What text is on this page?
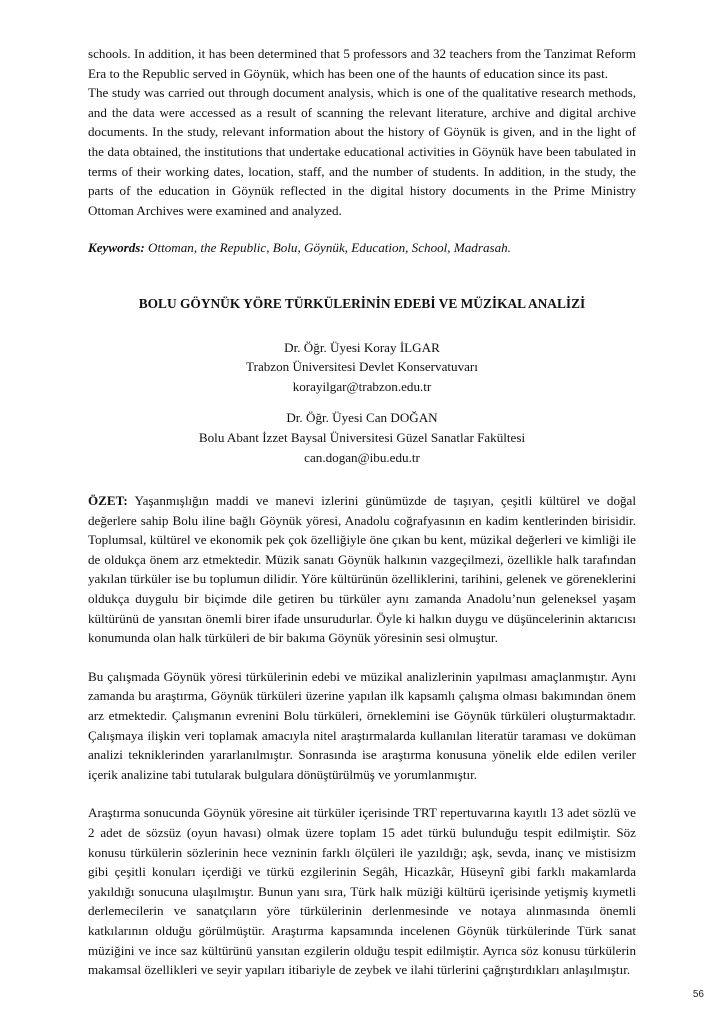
schools. In addition, it has been determined that 5 professors and 32 teachers from the Tanzimat Reform Era to the Republic served in Göynük, which has been one of the haunts of education since its past.

The study was carried out through document analysis, which is one of the qualitative research methods, and the data were accessed as a result of scanning the relevant literature, archive and digital archive documents. In the study, relevant information about the history of Göynük is given, and in the light of the data obtained, the institutions that undertake educational activities in Göynük have been tabulated in terms of their working dates, location, staff, and the number of students. In addition, in the study, the parts of the education in Göynük reflected in the digital history documents in the Prime Ministry Ottoman Archives were examined and analyzed.

Keywords: Ottoman, the Republic, Bolu, Göynük, Education, School, Madrasah.

BOLU GÖYNÜK YÖRE TÜRKÜLERİNİN EDEBİ VE MÜZİKAL ANALİZİ

Dr. Öğr. Üyesi Koray İLGAR

Trabzon Üniversitesi Devlet Konservatuvarı

korayilgar@trabzon.edu.tr

Dr. Öğr. Üyesi Can DOĞAN

Bolu Abant İzzet Baysal Üniversitesi Güzel Sanatlar Fakültesi

can.dogan@ibu.edu.tr

ÖZET: Yaşanmışlığın maddi ve manevi izlerini günümüzde de taşıyan, çeşitli kültürel ve doğal değerlere sahip Bolu iline bağlı Göynük yöresi, Anadolu coğrafyasının en kadim kentlerinden birisidir. Toplumsal, kültürel ve ekonomik pek çok özelliğiyle öne çıkan bu kent, müzikal değerleri ve kimliği ile de oldukça önem arz etmektedir. Müzik sanatı Göynük halkının vazgeçilmezi, özellikle halk tarafından yakılan türküler ise bu toplumun dilidir. Yöre kültürünün özelliklerini, tarihini, gelenek ve göreneklerini oldukça duygulu bir biçimde dile getiren bu türküler aynı zamanda Anadolu’nun geleneksel yaşam kültürünü de yansıtan önemli birer ifade unsurudurlar. Öyle ki halkın duygu ve düşüncelerinin aktarıcısı konumunda olan halk türküleri de bir bakıma Göynük yöresinin sesi olmuştur.

Bu çalışmada Göynük yöresi türkülerinin edebi ve müzikal analizlerinin yapılması amaçlanmıştır. Aynı zamanda bu araştırma, Göynük türküleri üzerine yapılan ilk kapsamlı çalışma olması bakımından önem arz etmektedir. Çalışmanın evrenini Bolu türküleri, örneklemini ise Göynük türküleri oluşturmaktadır. Çalışmaya ilişkin veri toplamak amacıyla nitel araştırmalarda kullanılan literatür taraması ve doküman analizi tekniklerinden yararlanılmıştır. Sonrasında ise araştırma konusuna yönelik elde edilen veriler içerik analizine tabi tutularak bulgulara dönüştürülmüş ve yorumlanmıştır.

Araştırma sonucunda Göynük yöresine ait türküler içerisinde TRT repertuvarına kayıtlı 13 adet sözlü ve 2 adet de sözsüz (oyun havası) olmak üzere toplam 15 adet türkü bulunduğu tespit edilmiştir. Söz konusu türkülerin sözlerinin hece vezninin farklı ölçüleri ile yazıldığı; aşk, sevda, inanç ve mistisizm gibi çeşitli konuları içerdiği ve türkü ezgilerinin Segâh, Hicazkâr, Hüseynî gibi farklı makamlarda yakıldığı sonucuna ulaşılmıştır. Bunun yanı sıra, Türk halk müziği kültürü içerisinde yetişmiş kıymetli derlemecilerin ve sanatçıların yöre türkülerinin derlenmesinde ve notaya alınmasında önemli katkılarının olduğu görülmüştür. Araştırma kapsamında incelenen Göynük türkülerinde Türk sanat müziğini ve ince saz kültürünü yansıtan ezgilerin olduğu tespit edilmiştir. Ayrıca söz konusu türkülerin makamsal özellikleri ve seyir yapıları itibariyle de zeybek ve ilahi türlerini çağrıştırdıkları anlaşılmıştır.

56
